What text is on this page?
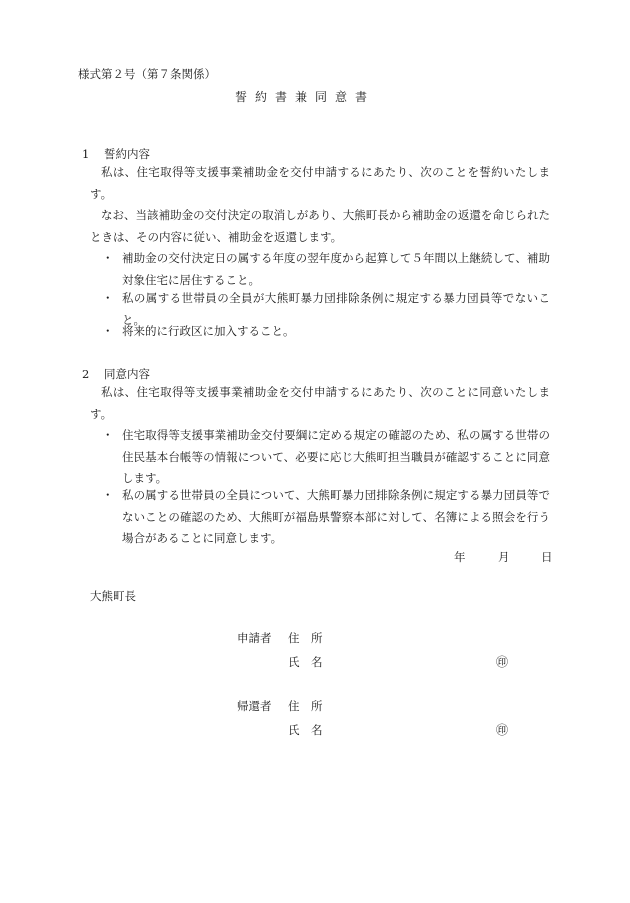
様式第２号（第７条関係）
誓約書兼同意書
1 誓約内容
私は、住宅取得等支援事業補助金を交付申請するにあたり、次のことを誓約いたします。
なお、当該補助金の交付決定の取消しがあり、大熊町長から補助金の返還を命じられたときは、その内容に従い、補助金を返還します。
・ 補助金の交付決定日の属する年度の翌年度から起算して５年間以上継続して、補助対象住宅に居住すること。
・ 私の属する世帯員の全員が大熊町暴力団排除条例に規定する暴力団員等でないこと。
・ 将来的に行政区に加入すること。
2 同意内容
私は、住宅取得等支援事業補助金を交付申請するにあたり、次のことに同意いたします。
・ 住宅取得等支援事業補助金交付要綱に定める規定の確認のため、私の属する世帯の住民基本台帳等の情報について、必要に応じ大熊町担当職員が確認することに同意します。
・ 私の属する世帯員の全員について、大熊町暴力団排除条例に規定する暴力団員等でないことの確認のため、大熊町が福島県警察本部に対して、名簿による照会を行う場合があることに同意します。
年	月	日
大熊町長
申請者 住　所
氏　名	㊞
帰還者 住　所
氏　名	㊞
